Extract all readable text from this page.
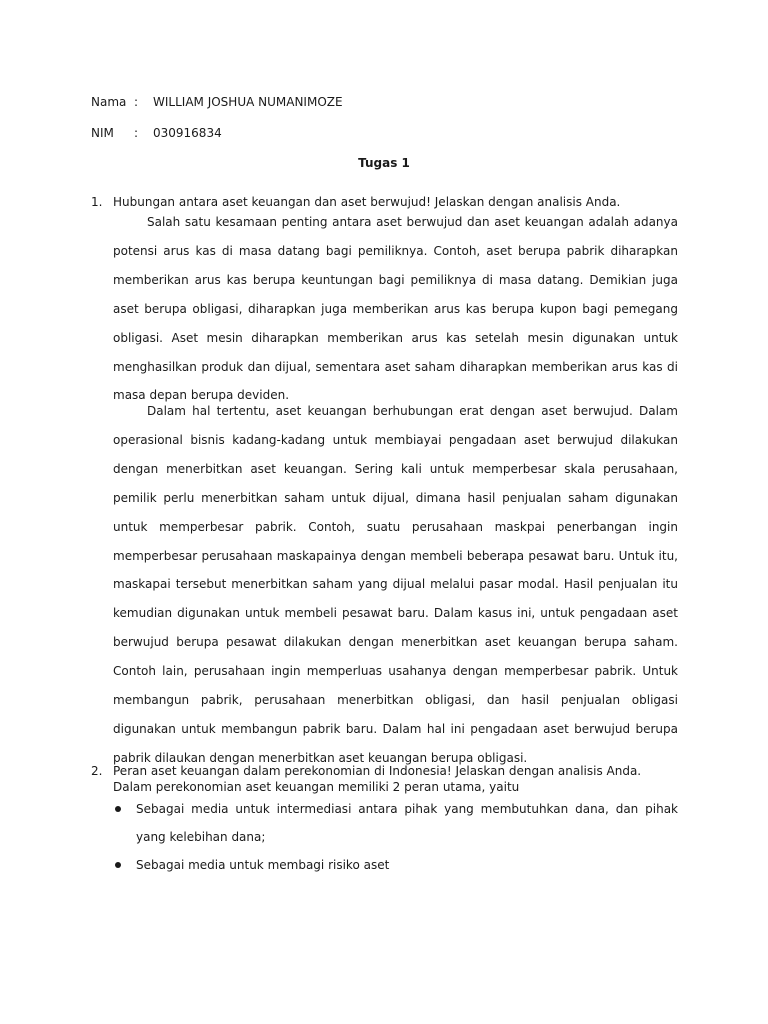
Nama : WILLIAM JOSHUA NUMANIMOZE
NIM : 030916834
Tugas 1
1. Hubungan antara aset keuangan dan aset berwujud! Jelaskan dengan analisis Anda.

Salah satu kesamaan penting antara aset berwujud dan aset keuangan adalah adanya potensi arus kas di masa datang bagi pemiliknya. Contoh, aset berupa pabrik diharapkan memberikan arus kas berupa keuntungan bagi pemiliknya di masa datang. Demikian juga aset berupa obligasi, diharapkan juga memberikan arus kas berupa kupon bagi pemegang obligasi. Aset mesin diharapkan memberikan arus kas setelah mesin digunakan untuk menghasilkan produk dan dijual, sementara aset saham diharapkan memberikan arus kas di masa depan berupa deviden.

Dalam hal tertentu, aset keuangan berhubungan erat dengan aset berwujud. Dalam operasional bisnis kadang-kadang untuk membiayai pengadaan aset berwujud dilakukan dengan menerbitkan aset keuangan. Sering kali untuk memperbesar skala perusahaan, pemilik perlu menerbitkan saham untuk dijual, dimana hasil penjualan saham digunakan untuk memperbesar pabrik. Contoh, suatu perusahaan maskpai penerbangan ingin memperbesar perusahaan maskapainya dengan membeli beberapa pesawat baru. Untuk itu, maskapai tersebut menerbitkan saham yang dijual melalui pasar modal. Hasil penjualan itu kemudian digunakan untuk membeli pesawat baru. Dalam kasus ini, untuk pengadaan aset berwujud berupa pesawat dilakukan dengan menerbitkan aset keuangan berupa saham. Contoh lain, perusahaan ingin memperluas usahanya dengan memperbesar pabrik. Untuk membangun pabrik, perusahaan menerbitkan obligasi, dan hasil penjualan obligasi digunakan untuk membangun pabrik baru. Dalam hal ini pengadaan aset berwujud berupa pabrik dilaukan dengan menerbitkan aset keuangan berupa obligasi.

2. Peran aset keuangan dalam perekonomian di Indonesia! Jelaskan dengan analisis Anda.
Dalam perekonomian aset keuangan memiliki 2 peran utama, yaitu
Sebagai media untuk intermediasi antara pihak yang membutuhkan dana, dan pihak yang kelebihan dana;
Sebagai media untuk membagi risiko aset
